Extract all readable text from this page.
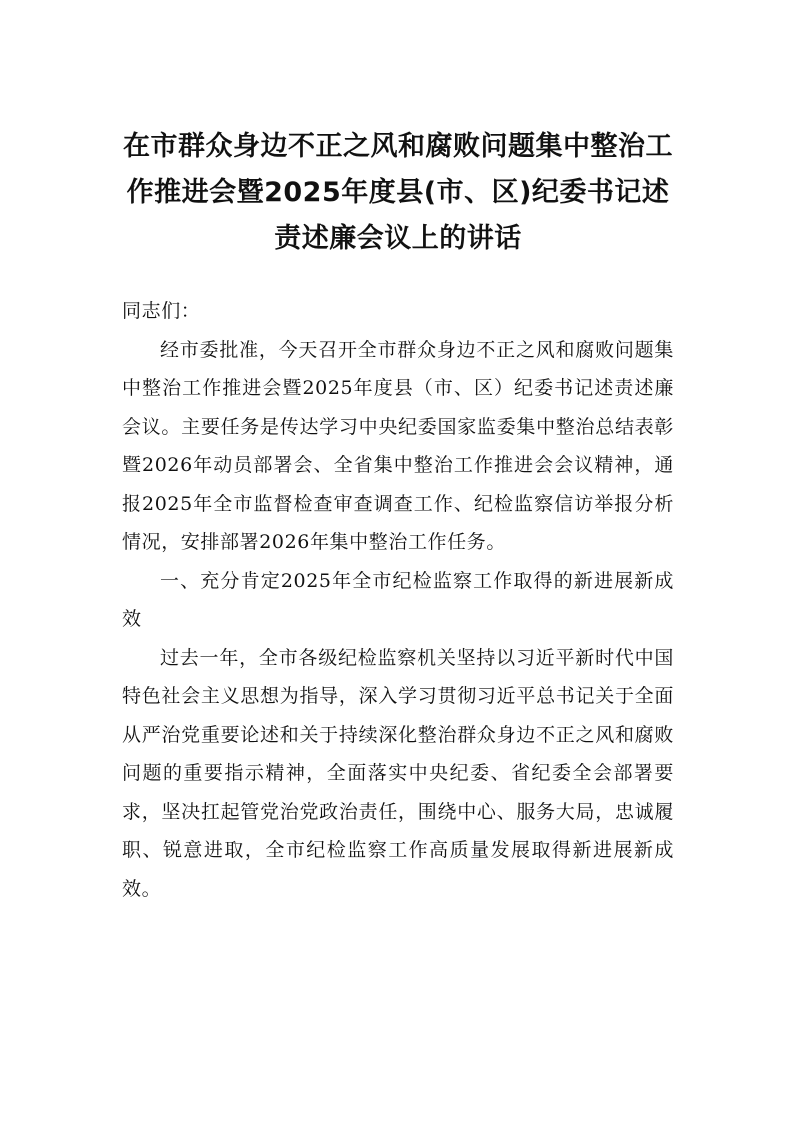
在市群众身边不正之风和腐败问题集中整治工作推进会暨2025年度县(市、区)纪委书记述责述廉会议上的讲话

同志们：

经市委批准，今天召开全市群众身边不正之风和腐败问题集中整治工作推进会暨2025年度县（市、区）纪委书记述责述廉会议。主要任务是传达学习中央纪委国家监委集中整治总结表彰暨2026年动员部署会、全省集中整治工作推进会会议精神，通报2025年全市监督检查审查调查工作、纪检监察信访举报分析情况，安排部署2026年集中整治工作任务。

一、充分肯定2025年全市纪检监察工作取得的新进展新成效

过去一年，全市各级纪检监察机关坚持以习近平新时代中国特色社会主义思想为指导，深入学习贯彻习近平总书记关于全面从严治党重要论述和关于持续深化整治群众身边不正之风和腐败问题的重要指示精神，全面落实中央纪委、省纪委全会部署要求，坚决扛起管党治党政治责任，围绕中心、服务大局，忠诚履职、锐意进取，全市纪检监察工作高质量发展取得新进展新成效。
